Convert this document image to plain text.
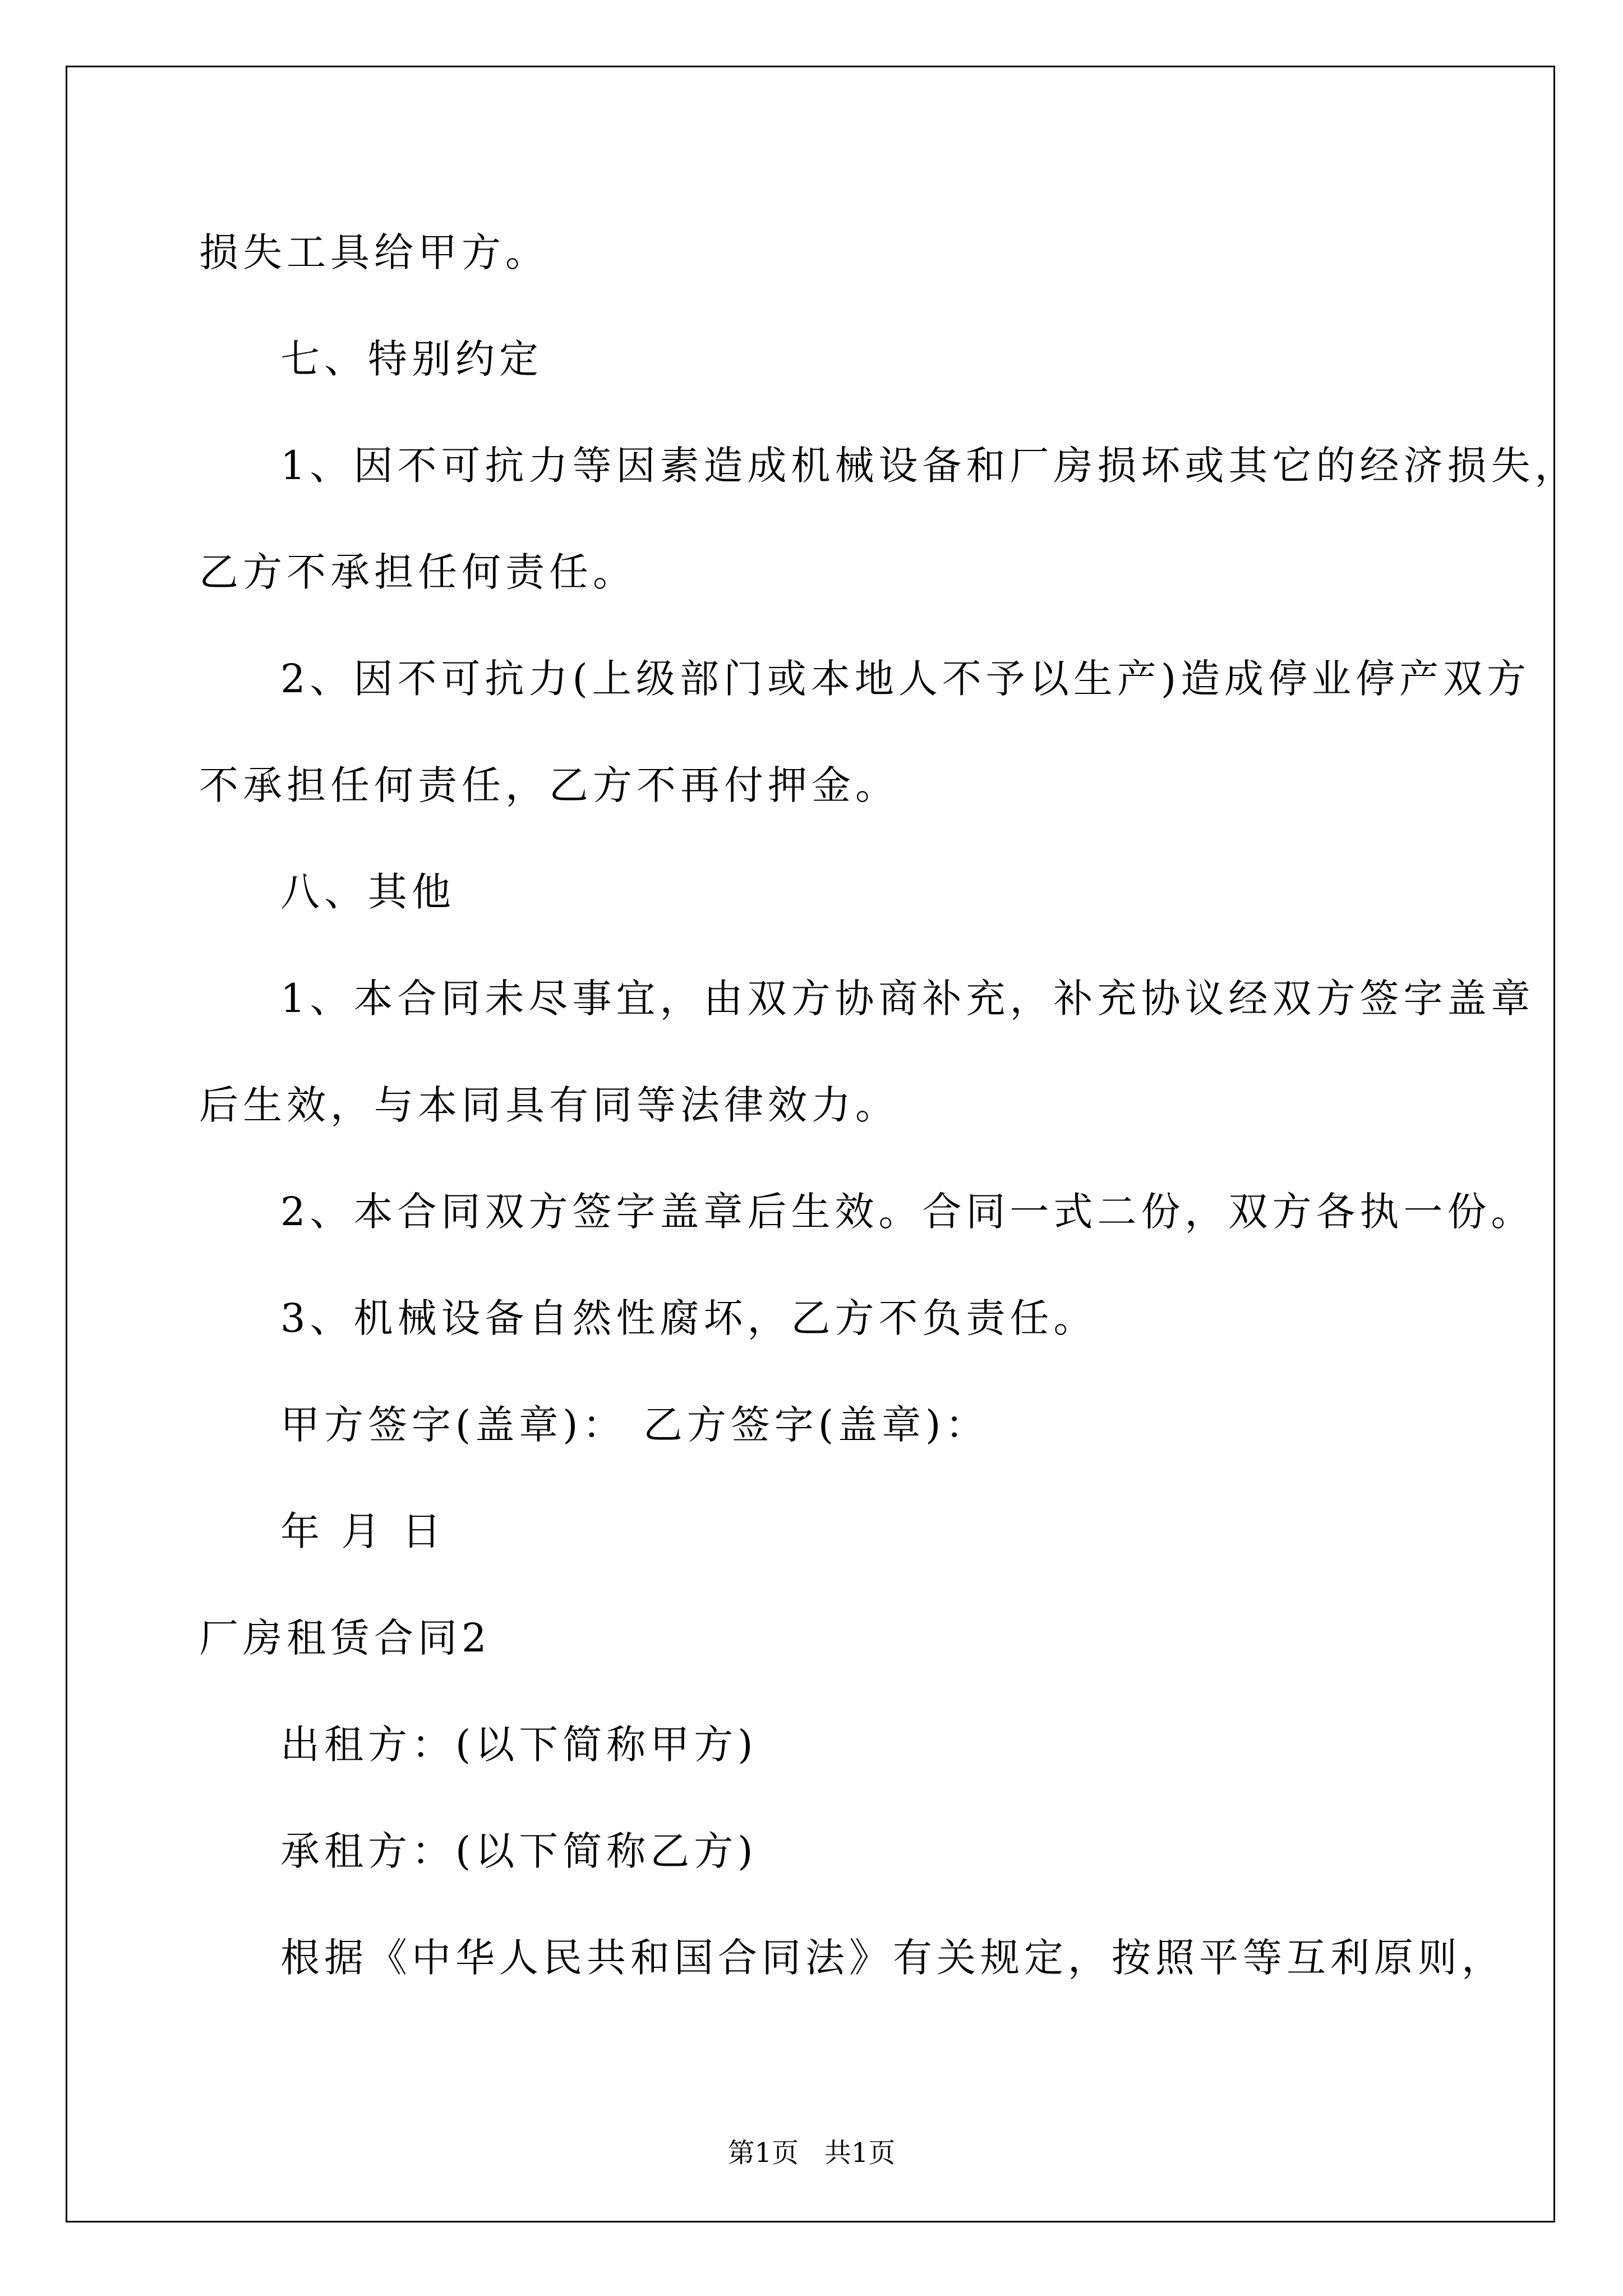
损失工具给甲方。
七、特别约定
1、因不可抗力等因素造成机械设备和厂房损坏或其它的经济损失，
乙方不承担任何责任。
2、因不可抗力(上级部门或本地人不予以生产)造成停业停产双方
不承担任何责任，乙方不再付押金。
八、其他
1、本合同未尽事宜，由双方协商补充，补充协议经双方签字盖章
后生效，与本同具有同等法律效力。
2、本合同双方签字盖章后生效。合同一式二份，双方各执一份。
3、机械设备自然性腐坏，乙方不负责任。
甲方签字(盖章)： 乙方签字(盖章)：
年 月 日
厂房租赁合同2
出租方：(以下简称甲方)
承租方：(以下简称乙方)
根据《中华人民共和国合同法》有关规定，按照平等互利原则，
第1页   共1页
